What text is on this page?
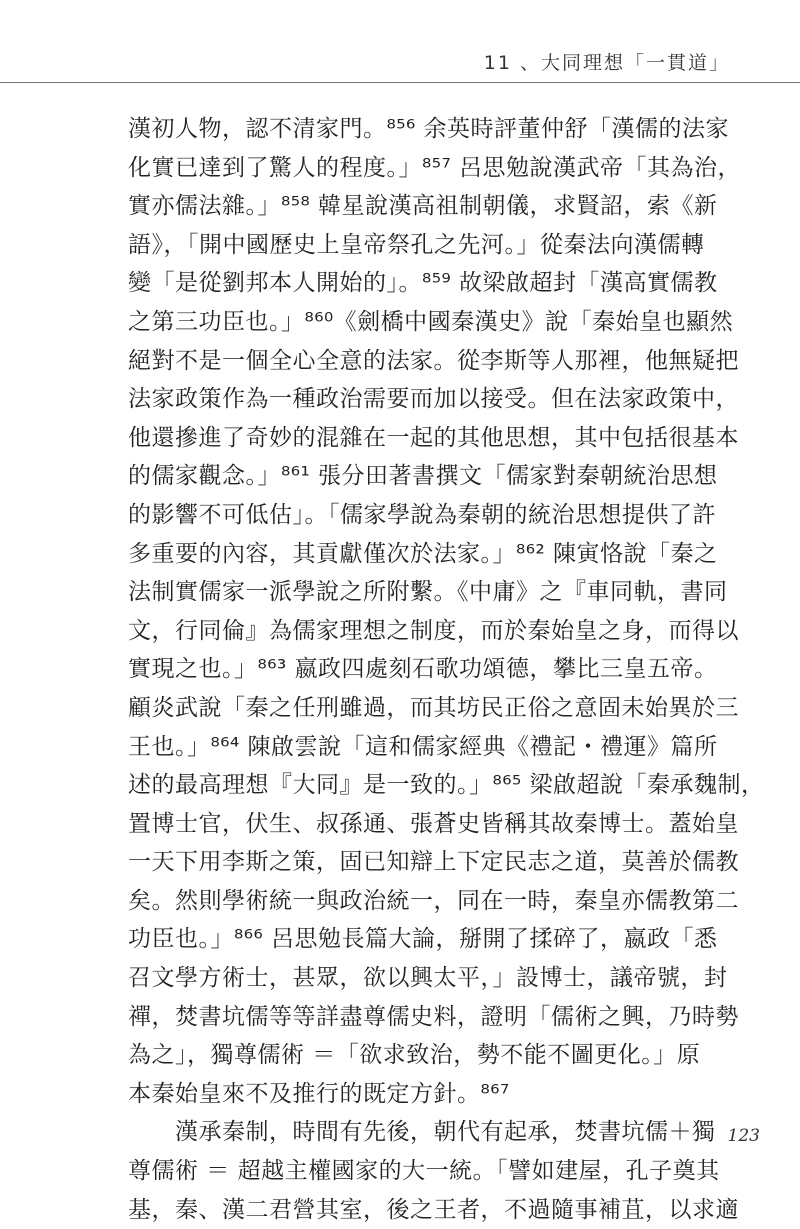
11 、大同理想「一貫道」
漢初人物，認不清家門。⁸⁵⁶ 余英時評董仲舒「漢儒的法家
化實已達到了驚人的程度。」⁸⁵⁷ 呂思勉說漢武帝「其為治，
實亦儒法雜。」⁸⁵⁸ 韓星說漢高祖制朝儀，求賢詔，索《新
語》，「開中國歷史上皇帝祭孔之先河。」從秦法向漢儒轉
變「是從劉邦本人開始的」。⁸⁵⁹ 故梁啟超封「漢高實儒教
之第三功臣也。」⁸⁶⁰《劍橋中國秦漢史》說「秦始皇也顯然
絕對不是一個全心全意的法家。從李斯等人那裡，他無疑把
法家政策作為一種政治需要而加以接受。但在法家政策中，
他還摻進了奇妙的混雜在一起的其他思想，其中包括很基本
的儒家觀念。」⁸⁶¹ 張分田著書撰文「儒家對秦朝統治思想
的影響不可低估」。「儒家學說為秦朝的統治思想提供了許
多重要的內容，其貢獻僅次於法家。」⁸⁶² 陳寅恪說「秦之
法制實儒家一派學說之所附繫。《中庸》之『車同軌，書同
文，行同倫』為儒家理想之制度，而於秦始皇之身，而得以
實現之也。」⁸⁶³ 嬴政四處刻石歌功頌德，攀比三皇五帝。
顧炎武說「秦之任刑雖過，而其坊民正俗之意固未始異於三
王也。」⁸⁶⁴ 陳啟雲說「這和儒家經典《禮記・禮運》篇所
述的最高理想『大同』是一致的。」⁸⁶⁵ 梁啟超說「秦承魏制，
置博士官，伏生、叔孫通、張蒼史皆稱其故秦博士。蓋始皇
一天下用李斯之策，固已知辯上下定民志之道，莫善於儒教
矣。然則學術統一與政治統一，同在一時，秦皇亦儒教第二
功臣也。」⁸⁶⁶ 呂思勉長篇大論，掰開了揉碎了，嬴政「悉
召文學方術士，甚眾，欲以興太平，」設博士，議帝號，封
禪，焚書坑儒等等詳盡尊儒史料，證明「儒術之興，乃時勢
為之」，獨尊儒術 ＝「欲求致治，勢不能不圖更化。」原
本秦始皇來不及推行的既定方針。⁸⁶⁷
　　漢承秦制，時間有先後，朝代有起承，焚書坑儒＋獨
尊儒術 ＝ 超越主權國家的大一統。「譬如建屋，孔子奠其
基，秦、漢二君營其室，後之王者，不過隨事補苴，以求適
123
